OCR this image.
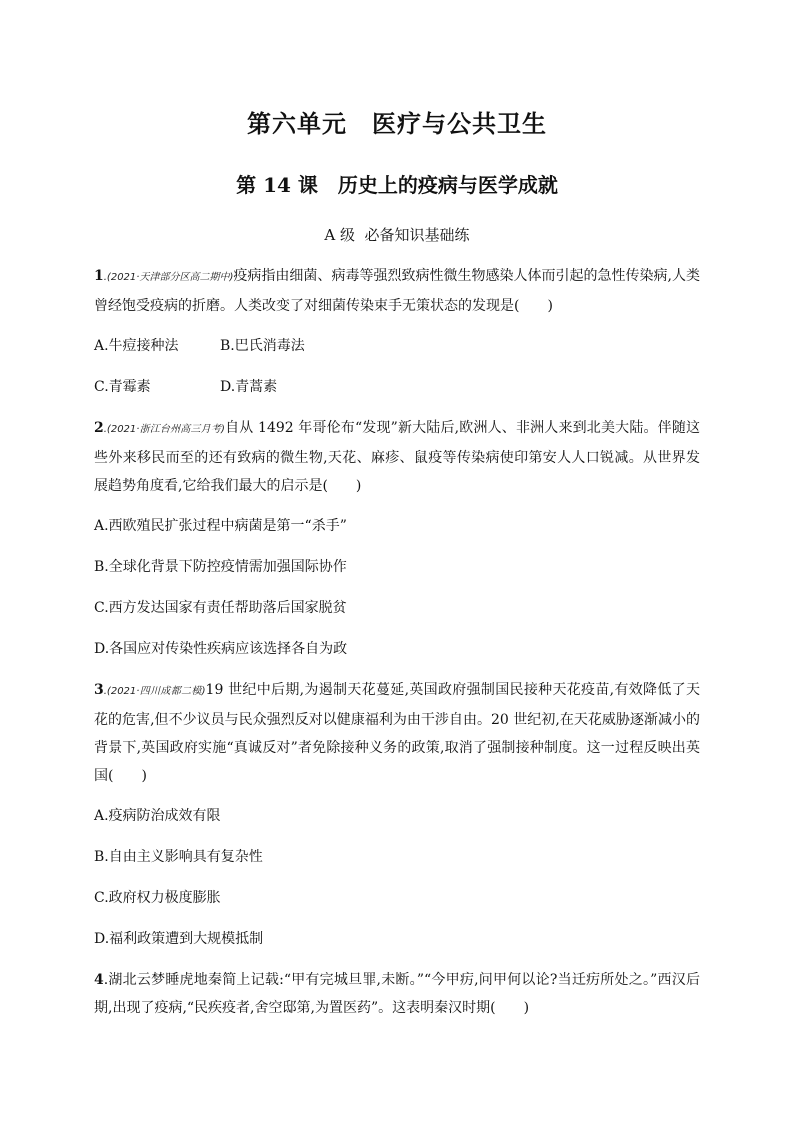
第六单元　医疗与公共卫生
第 14 课　历史上的疫病与医学成就
A 级  必备知识基础练

1.(2021·天津部分区高二期中)疫病指由细菌、病毒等强烈致病性微生物感染人体而引起的急性传染病,人类曾经饱受疫病的折磨。人类改变了对细菌传染束手无策状态的发现是(　　)

A.牛痘接种法	B.巴氏消毒法
C.青霉素	D.青蒿素

2.(2021·浙江台州高三月考)自从 1492 年哥伦布“发现”新大陆后,欧洲人、非洲人来到北美大陆。伴随这些外来移民而至的还有致病的微生物,天花、麻疹、鼠疫等传染病使印第安人人口锐减。从世界发展趋势角度看,它给我们最大的启示是(　　)

A.西欧殖民扩张过程中病菌是第一“杀手”
B.全球化背景下防控疫情需加强国际协作
C.西方发达国家有责任帮助落后国家脱贫
D.各国应对传染性疾病应该选择各自为政

3.(2021·四川成都二模)19 世纪中后期,为遏制天花蔓延,英国政府强制国民接种天花疫苗,有效降低了天花的危害,但不少议员与民众强烈反对以健康福利为由干涉自由。20 世纪初,在天花威胁逐渐减小的背景下,英国政府实施“真诚反对”者免除接种义务的政策,取消了强制接种制度。这一过程反映出英国(　　)

A.疫病防治成效有限
B.自由主义影响具有复杂性
C.政府权力极度膨胀
D.福利政策遭到大规模抵制

4.湖北云梦睡虎地秦简上记载:“甲有完城旦罪,未断。”“今甲疠,问甲何以论?当迁疠所处之。”西汉后期,出现了疫病,“民疾疫者,舍空邸第,为置医药”。这表明秦汉时期(　　)
